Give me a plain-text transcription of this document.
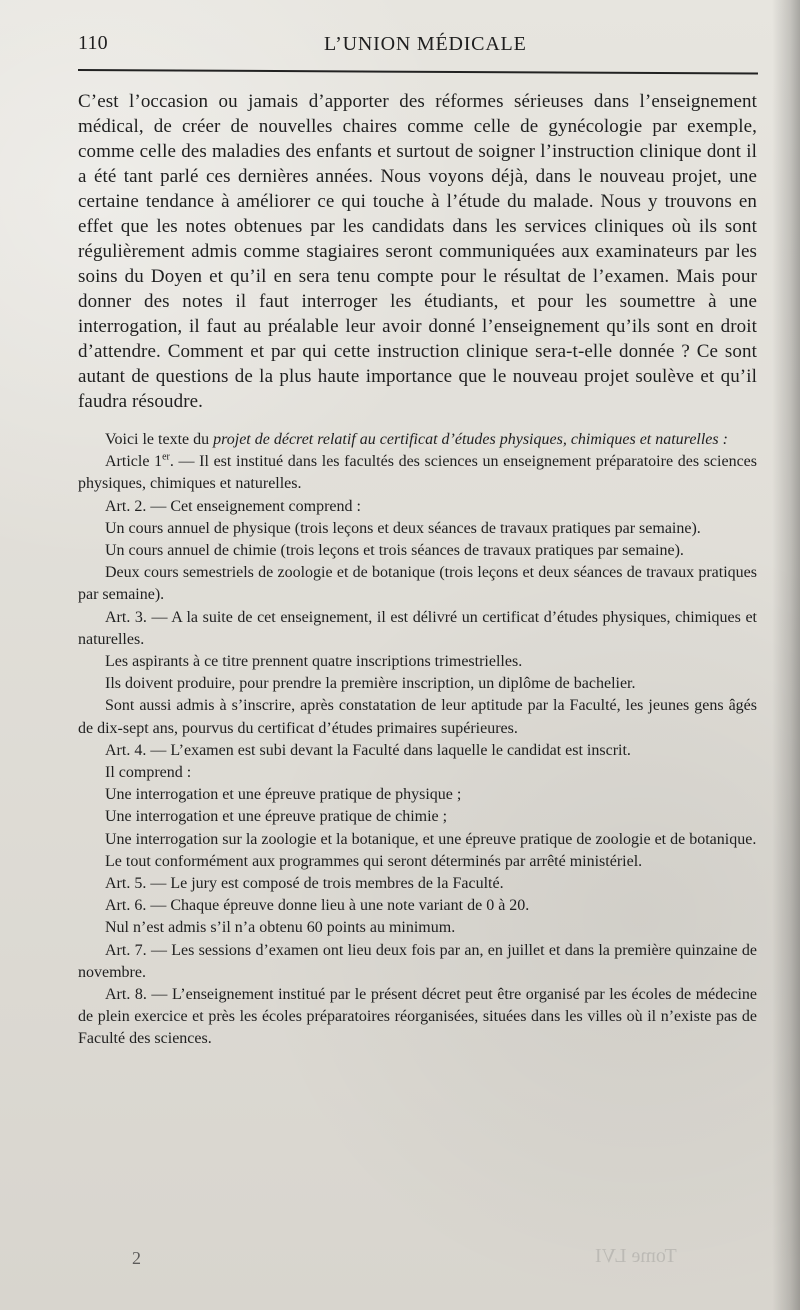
110	L’UNION MÉDICALE

C’est l’occasion ou jamais d’apporter des réformes sérieuses dans l’enseignement médical, de créer de nouvelles chaires comme celle de gynécologie par exemple, comme celle des maladies des enfants et surtout de soigner l’instruction clinique dont il a été tant parlé ces dernières années. Nous voyons déjà, dans le nouveau projet, une certaine tendance à améliorer ce qui touche à l’étude du malade. Nous y trouvons en effet que les notes obtenues par les candidats dans les services cliniques où ils sont régulièrement admis comme stagiaires seront communiquées aux examinateurs par les soins du Doyen et qu’il en sera tenu compte pour le résultat de l’examen. Mais pour donner des notes il faut interroger les étudiants, et pour les soumettre à une interrogation, il faut au préalable leur avoir donné l’enseignement qu’ils sont en droit d’attendre. Comment et par qui cette instruction clinique sera-t-elle donnée ? Ce sont autant de questions de la plus haute importance que le nouveau projet soulève et qu’il faudra résoudre.

Voici le texte du projet de décret relatif au certificat d’études physiques, chimiques et naturelles :

Article 1er. — Il est institué dans les facultés des sciences un enseignement préparatoire des sciences physiques, chimiques et naturelles.

Art. 2. — Cet enseignement comprend :

Un cours annuel de physique (trois leçons et deux séances de travaux pratiques par semaine).

Un cours annuel de chimie (trois leçons et trois séances de travaux pratiques par semaine).

Deux cours semestriels de zoologie et de botanique (trois leçons et deux séances de travaux pratiques par semaine).

Art. 3. — A la suite de cet enseignement, il est délivré un certificat d’études physiques, chimiques et naturelles.

Les aspirants à ce titre prennent quatre inscriptions trimestrielles.

Ils doivent produire, pour prendre la première inscription, un diplôme de bachelier.

Sont aussi admis à s’inscrire, après constatation de leur aptitude par la Faculté, les jeunes gens âgés de dix-sept ans, pourvus du certificat d’études primaires supérieures.

Art. 4. — L’examen est subi devant la Faculté dans laquelle le candidat est inscrit.

Il comprend :

Une interrogation et une épreuve pratique de physique ;

Une interrogation et une épreuve pratique de chimie ;

Une interrogation sur la zoologie et la botanique, et une épreuve pratique de zoologie et de botanique.

Le tout conformément aux programmes qui seront déterminés par arrêté ministériel.

Art. 5. — Le jury est composé de trois membres de la Faculté.

Art. 6. — Chaque épreuve donne lieu à une note variant de 0 à 20.

Nul n’est admis s’il n’a obtenu 60 points au minimum.

Art. 7. — Les sessions d’examen ont lieu deux fois par an, en juillet et dans la première quinzaine de novembre.

Art. 8. — L’enseignement institué par le présent décret peut être organisé par les écoles de médecine de plein exercice et près les écoles préparatoires réorganisées, situées dans les villes où il n’existe pas de Faculté des sciences.

2	Tome LVI
